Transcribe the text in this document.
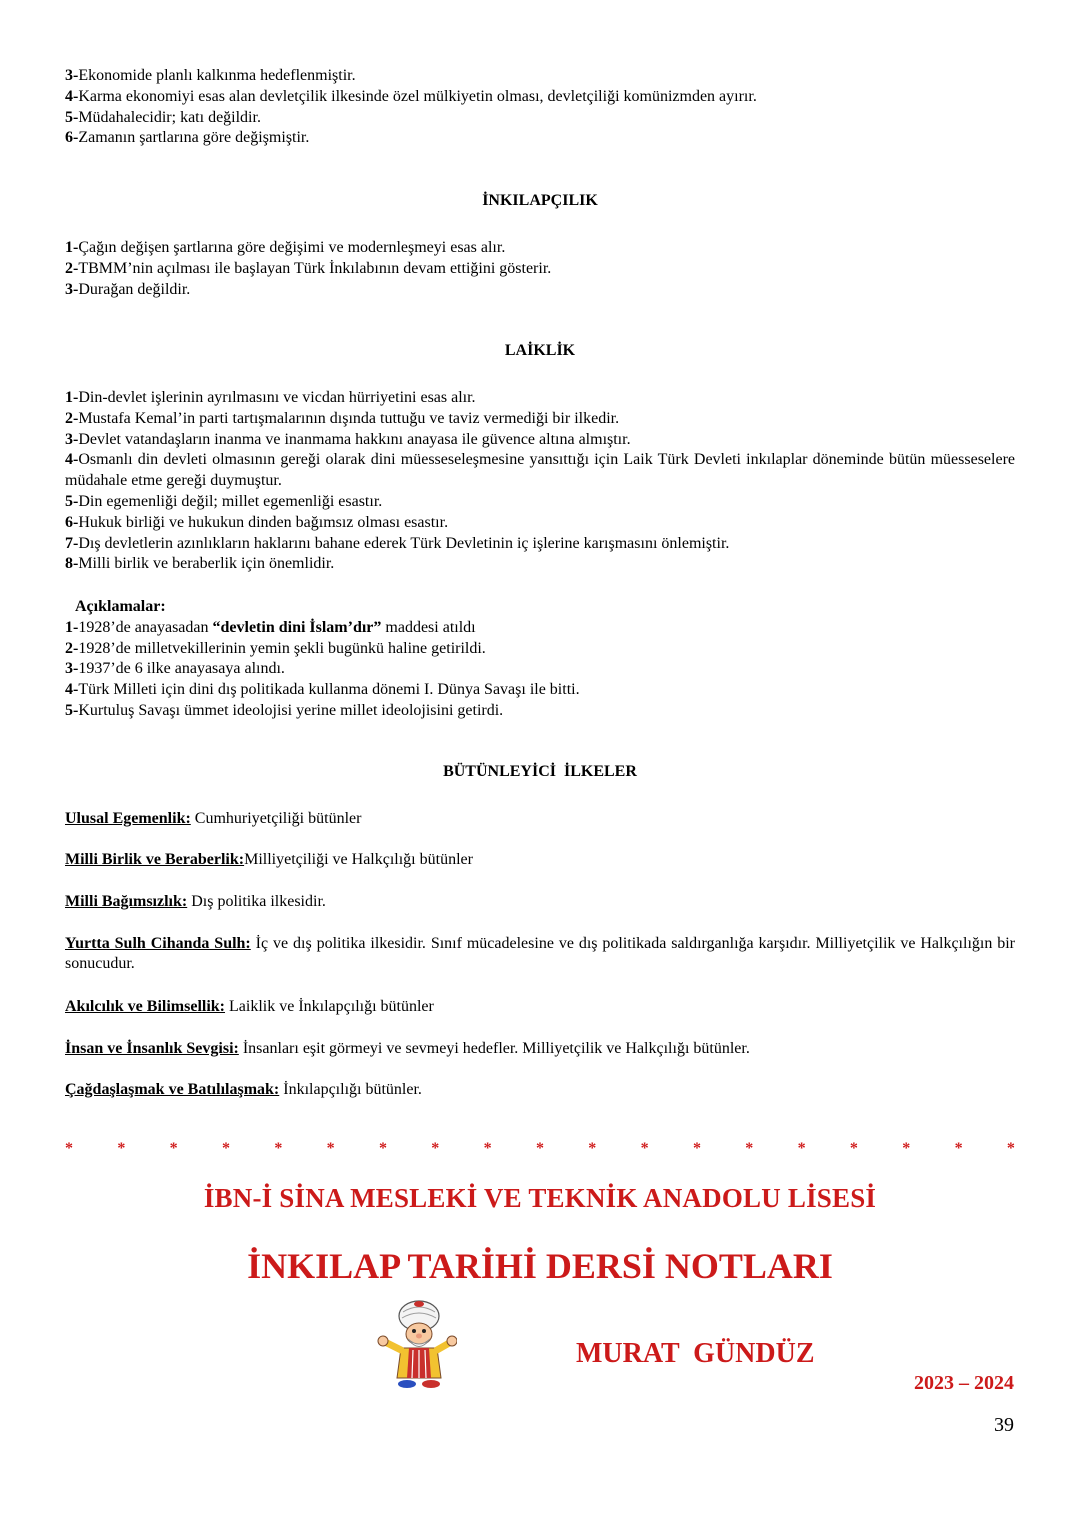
3-Ekonomide planlı kalkınma hedeflenmiştir.

4-Karma ekonomiyi esas alan devletçilik ilkesinde özel mülkiyetin olması, devletçiliği komünizmden ayırır.

5-Müdahalecidir; katı değildir.

6-Zamanın şartlarına göre değişmiştir.

İNKILAPÇILIK

1-Çağın değişen şartlarına göre değişimi ve modernleşmeyi esas alır.

2-TBMM’nin açılması ile başlayan Türk İnkılabının devam ettiğini gösterir.

3-Durağan değildir.

LAİKLİK

1-Din-devlet işlerinin ayrılmasını ve vicdan hürriyetini esas alır.

2-Mustafa Kemal’in parti tartışmalarının dışında tuttuğu ve taviz vermediği bir ilkedir.

3-Devlet vatandaşların inanma ve inanmama hakkını anayasa ile güvence altına almıştır.

4-Osmanlı din devleti olmasının gereği olarak dini müesseseleşmesine yansıttığı için Laik Türk Devleti inkılaplar döneminde bütün müesseselere müdahale etme gereği duymuştur.

5-Din egemenliği değil; millet egemenliği esastır.

6-Hukuk birliği ve hukukun dinden bağımsız olması esastır.

7-Dış devletlerin azınlıkların haklarını bahane ederek Türk Devletinin iç işlerine karışmasını önlemiştir.

8-Milli birlik ve beraberlik için önemlidir.

Açıklamalar:

1-1928’de anayasadan “devletin dini İslam’dır” maddesi atıldı

2-1928’de milletvekillerinin yemin şekli bugünkü haline getirildi.

3-1937’de 6 ilke anayasaya alındı.

4-Türk Milleti için dini dış politikada kullanma dönemi I. Dünya Savaşı ile bitti.

5-Kurtuluş Savaşı ümmet ideolojisi yerine millet ideolojisini getirdi.

BÜTÜNLEYİCİ  İLKELER

Ulusal Egemenlik: Cumhuriyetçiliği bütünler

Milli Birlik ve Beraberlik:Milliyetçiliği ve Halkçılığı bütünler

Milli Bağımsızlık: Dış politika ilkesidir.

Yurtta Sulh Cihanda Sulh: İç ve dış politika ilkesidir. Sınıf mücadelesine ve dış politikada saldırganlığa karşıdır. Milliyetçilik ve Halkçılığın bir sonucudur.

Akılcılık ve Bilimsellik: Laiklik ve İnkılapçılığı bütünler

İnsan ve İnsanlık Sevgisi: İnsanları eşit görmeyi ve sevmeyi hedefler. Milliyetçilik ve Halkçılığı bütünler.

Çağdaşlaşmak ve Batılılaşmak: İnkılapçılığı bütünler.

*	*	*	*	*	*	*	*	*	*	*	*	*	*	*	*	*	*	*
İBN-İ SİNA MESLEKİ VE TEKNİK ANADOLU LİSESİ
İNKILAP TARİHİ DERSİ NOTLARI
MURAT  GÜNDÜZ
2023 – 2024
39
